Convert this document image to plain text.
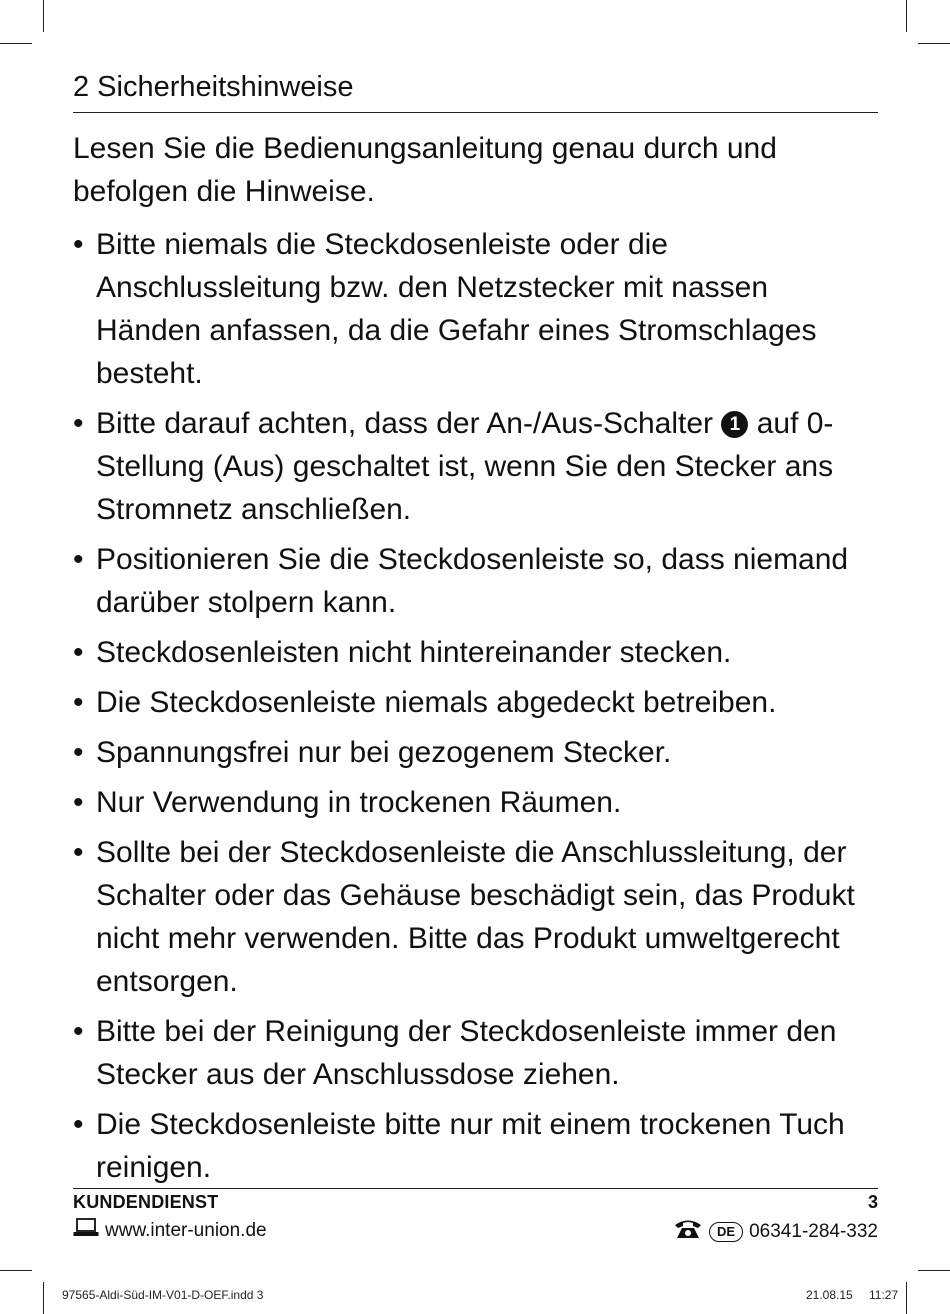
2 Sicherheitshinweise
Lesen Sie die Bedienungsanleitung genau durch und befolgen die Hinweise.
• Bitte niemals die Steckdosenleiste oder die Anschlussleitung bzw. den Netzstecker mit nassen Händen anfassen, da die Gefahr eines Stromschlages besteht.
• Bitte darauf achten, dass der An-/Aus-Schalter 1 auf 0-Stellung (Aus) geschaltet ist, wenn Sie den Stecker ans Stromnetz anschließen.
• Positionieren Sie die Steckdosenleiste so, dass niemand darüber stolpern kann.
• Steckdosenleisten nicht hintereinander stecken.
• Die Steckdosenleiste niemals abgedeckt betreiben.
• Spannungsfrei nur bei gezogenem Stecker.
• Nur Verwendung in trockenen Räumen.
• Sollte bei der Steckdosenleiste die Anschlussleitung, der Schalter oder das Gehäuse beschädigt sein, das Produkt nicht mehr verwenden. Bitte das Produkt umweltgerecht entsorgen.
• Bitte bei der Reinigung der Steckdosenleiste immer den Stecker aus der Anschlussdose ziehen.
• Die Steckdosenleiste bitte nur mit einem trockenen Tuch reinigen.
KUNDENDIENST	3
www.inter-union.de	DE 06341-284-332
97565-Aldi-Süd-IM-V01-D-OEF.indd 3	21.08.15 11:27
